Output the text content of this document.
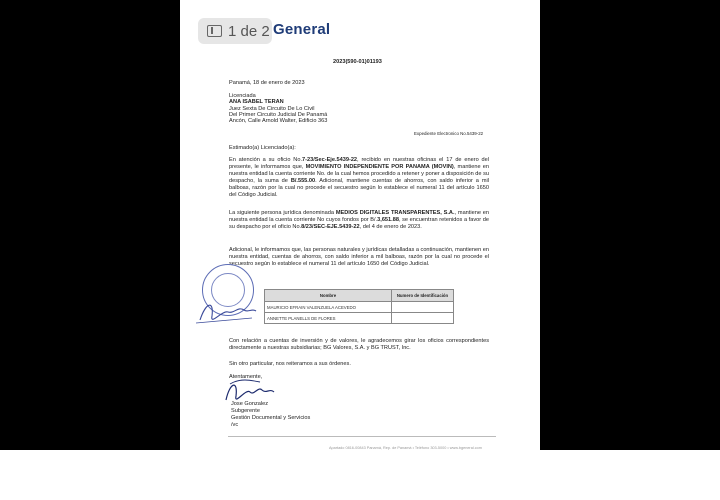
1 de 2 General
2023(590-01)01193
Panamá, 18 de enero de 2023
Licenciada
ANA ISABEL TERAN
Juez Sexta De Circuito De Lo Civil
Del Primer Circuito Judicial De Panamá
Ancón, Calle Arnold Walter, Edificio 363
Expediente Electronico No.5439-22
Estimado(a) Licenciado(a):
En atención a su oficio No.7-23/Sec-Eje.5439-22, recibido en nuestras oficinas el 17 de enero del presente, le informamos que, MOVIMIENTO INDEPENDIENTE POR PANAMA (MOVIN), mantiene en nuestra entidad la cuenta corriente No. de la cual hemos procedido a retener y poner a disposición de su despacho, la suma de B/.555.00. Adicional, mantiene cuentas de ahorros, con saldo inferior a mil balboas, razón por la cual no procede el secuestro según lo establece el numeral 11 del artículo 1650 del Código Judicial.
La siguiente persona jurídica denominada MEDIOS DIGITALES TRANSPARENTES, S.A., mantiene en nuestra entidad la cuenta corriente No cuyos fondos por B/.3,651.88, se encuentran retenidos a favor de su despacho por el oficio No.8/23/SEC-EJE.5439-22, del 4 de enero de 2023.
Adicional, le informamos que, las personas naturales y jurídicas detalladas a continuación, mantienen en nuestra entidad, cuentas de ahorros, con saldo inferior a mil balboas, razón por la cual no procede el secuestro según lo establece el numeral 11 del artículo 1650 del Código Judicial.
Nombre	Numero de Identificación
MAURICIO EFRAIN VALENZUELA ACEVEDO	
ANNETTE PLANELLS DE FLORES	
Con relación a cuentas de inversión y de valores, le agradecemos girar los oficios correspondientes directamente a nuestras subsidiarias; BG Valores, S.A. y BG TRUST, Inc.
Sin otro particular, nos reiteramos a sus órdenes.
Atentamente,
Jose Gonzalez
Subgerente
Gestión Documental y Servicios
/vc
Apartado 0816-00843 Panamá, Rep. de Panamá • Teléfono 303-5000 • www.bgeneral.com
